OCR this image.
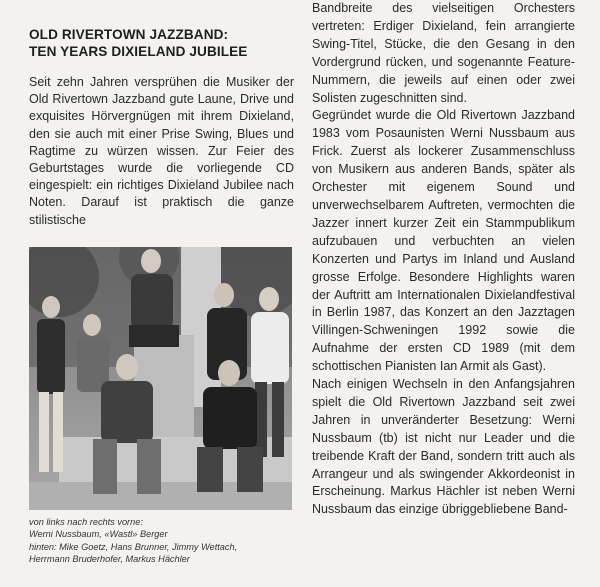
OLD RIVERTOWN JAZZBAND:
TEN YEARS DIXIELAND JUBILEE

Seit zehn Jahren versprühen die Musiker der Old Rivertown Jazzband gute Laune, Drive und exquisites Hörvergnügen mit ihrem Dixieland, den sie auch mit einer Prise Swing, Blues und Ragtime zu würzen wissen. Zur Feier des Geburtstages wurde die vorliegende CD eingespielt: ein richtiges Dixieland Jubilee nach Noten. Darauf ist praktisch die ganze stilistische

von links nach rechts vorne:
Werni Nussbaum, «Wastl» Berger
hinten: Mike Goetz, Hans Brunner, Jimmy Wettach,
Herrmann Bruderhofer, Markus Hächler

Bandbreite des vielseitigen Orchesters vertreten: Erdiger Dixieland, fein arrangierte Swing-Titel, Stücke, die den Gesang in den Vordergrund rücken, und sogenannte Feature-Nummern, die jeweils auf einen oder zwei Solisten zugeschnitten sind.

Gegründet wurde die Old Rivertown Jazzband 1983 vom Posaunisten Werni Nussbaum aus Frick. Zuerst als lockerer Zusammenschluss von Musikern aus anderen Bands, später als Orchester mit eigenem Sound und unverwechselbarem Auftreten, vermochten die Jazzer innert kurzer Zeit ein Stammpublikum aufzubauen und verbuchten an vielen Konzerten und Partys im Inland und Ausland grosse Erfolge. Besondere Highlights waren der Auftritt am Internationalen Dixielandfestival in Berlin 1987, das Konzert an den Jazztagen Villingen-Schweningen 1992 sowie die Aufnahme der ersten CD 1989 (mit dem schottischen Pianisten Ian Armit als Gast).

Nach einigen Wechseln in den Anfangsjahren spielt die Old Rivertown Jazzband seit zwei Jahren in unveränderter Besetzung: Werni Nussbaum (tb) ist nicht nur Leader und die treibende Kraft der Band, sondern tritt auch als Arrangeur und als swingender Akkordeonist in Erscheinung. Markus Hächler ist neben Werni Nussbaum das einzige übriggebliebene Band-
